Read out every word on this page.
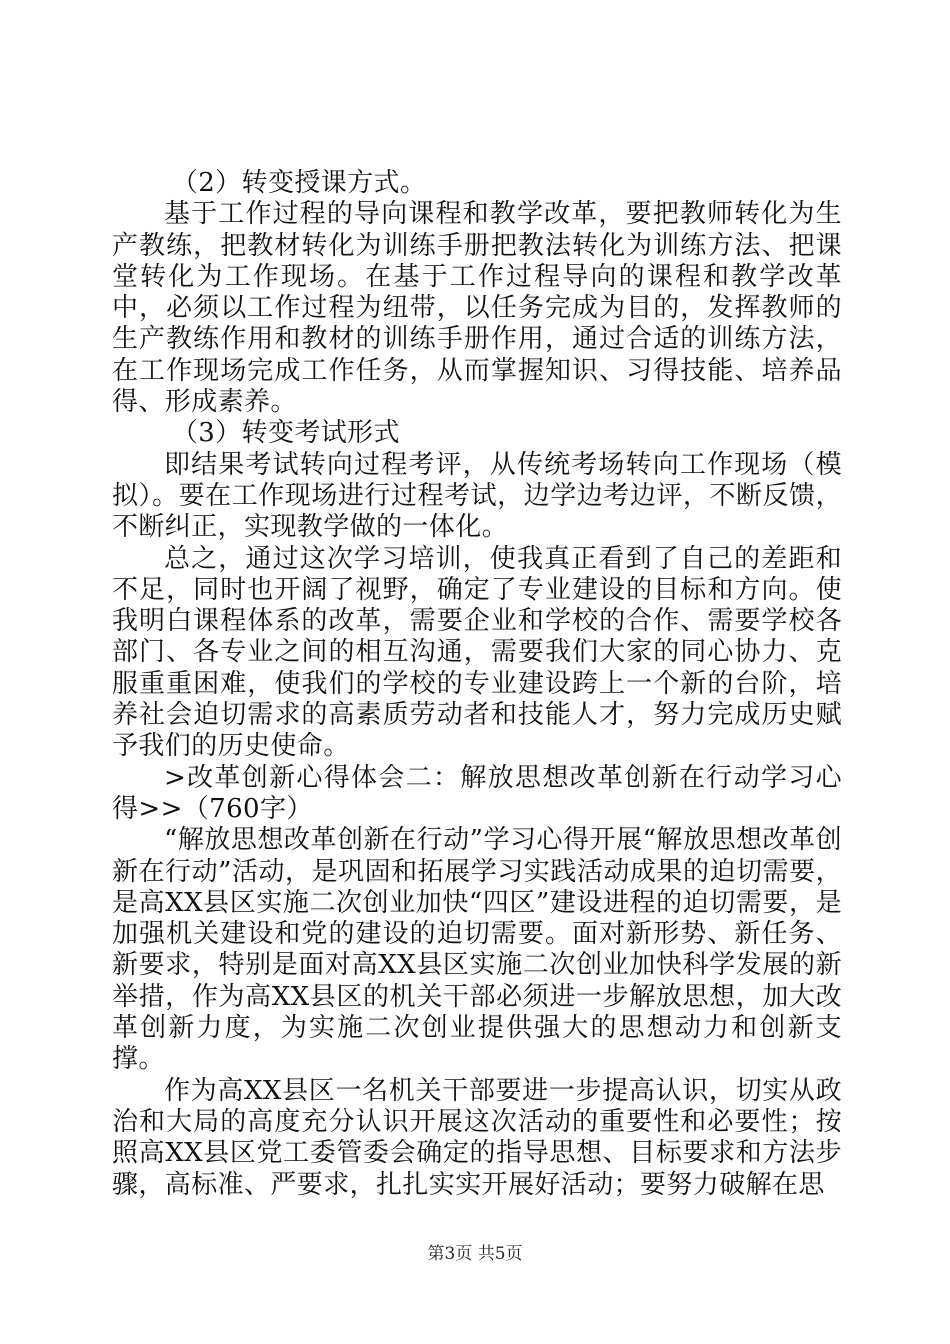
（2）转变授课方式。

基于工作过程的导向课程和教学改革，要把教师转化为生产教练，把教材转化为训练手册把教法转化为训练方法、把课堂转化为工作现场。在基于工作过程导向的课程和教学改革中，必须以工作过程为纽带，以任务完成为目的，发挥教师的生产教练作用和教材的训练手册作用，通过合适的训练方法，在工作现场完成工作任务，从而掌握知识、习得技能、培养品得、形成素养。

（3）转变考试形式

即结果考试转向过程考评，从传统考场转向工作现场（模拟）。要在工作现场进行过程考试，边学边考边评，不断反馈，不断纠正，实现教学做的一体化。

总之，通过这次学习培训，使我真正看到了自己的差距和不足，同时也开阔了视野，确定了专业建设的目标和方向。使我明白课程体系的改革，需要企业和学校的合作、需要学校各部门、各专业之间的相互沟通，需要我们大家的同心协力、克服重重困难，使我们的学校的专业建设跨上一个新的台阶，培养社会迫切需求的高素质劳动者和技能人才，努力完成历史赋予我们的历史使命。

>改革创新心得体会二：解放思想改革创新在行动学习心得>>（760字）

“解放思想改革创新在行动”学习心得开展“解放思想改革创新在行动”活动，是巩固和拓展学习实践活动成果的迫切需要，是高XX县区实施二次创业加快“四区”建设进程的迫切需要，是加强机关建设和党的建设的迫切需要。面对新形势、新任务、新要求，特别是面对高XX县区实施二次创业加快科学发展的新举措，作为高XX县区的机关干部必须进一步解放思想，加大改革创新力度，为实施二次创业提供强大的思想动力和创新支撑。

作为高XX县区一名机关干部要进一步提高认识，切实从政治和大局的高度充分认识开展这次活动的重要性和必要性；按照高XX县区党工委管委会确定的指导思想、目标要求和方法步骤，高标准、严要求，扎扎实实开展好活动；要努力破解在思

第3页 共5页
